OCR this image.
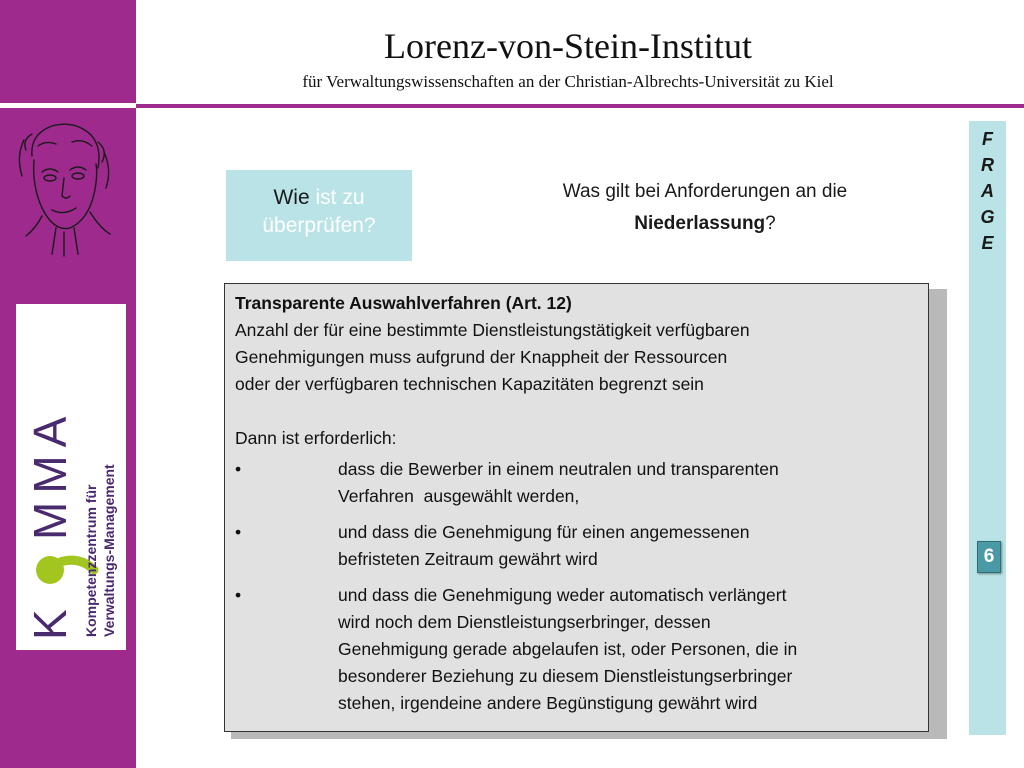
Lorenz-von-Stein-Institut
für Verwaltungswissenschaften an der Christian-Albrechts-Universität zu Kiel
K
MMA
Kompetenzzentrum für Verwaltungs-Management
F
R
A
G
E
6
Wie ist zu
überprüfen?
Was gilt bei Anforderungen an die
Niederlassung?
Transparente Auswahlverfahren (Art. 12)
Anzahl der für eine bestimmte Dienstleistungstätigkeit verfügbaren
Genehmigungen muss aufgrund der Knappheit der Ressourcen
oder der verfügbaren technischen Kapazitäten begrenzt sein
Dann ist erforderlich:
•	dass die Bewerber in einem neutralen und transparenten
Verfahren  ausgewählt werden,
•	und dass die Genehmigung für einen angemessenen
befristeten Zeitraum gewährt wird
•	und dass die Genehmigung weder automatisch verlängert
wird noch dem Dienstleistungserbringer, dessen
Genehmigung gerade abgelaufen ist, oder Personen, die in
besonderer Beziehung zu diesem Dienstleistungserbringer
stehen, irgendeine andere Begünstigung gewährt wird
